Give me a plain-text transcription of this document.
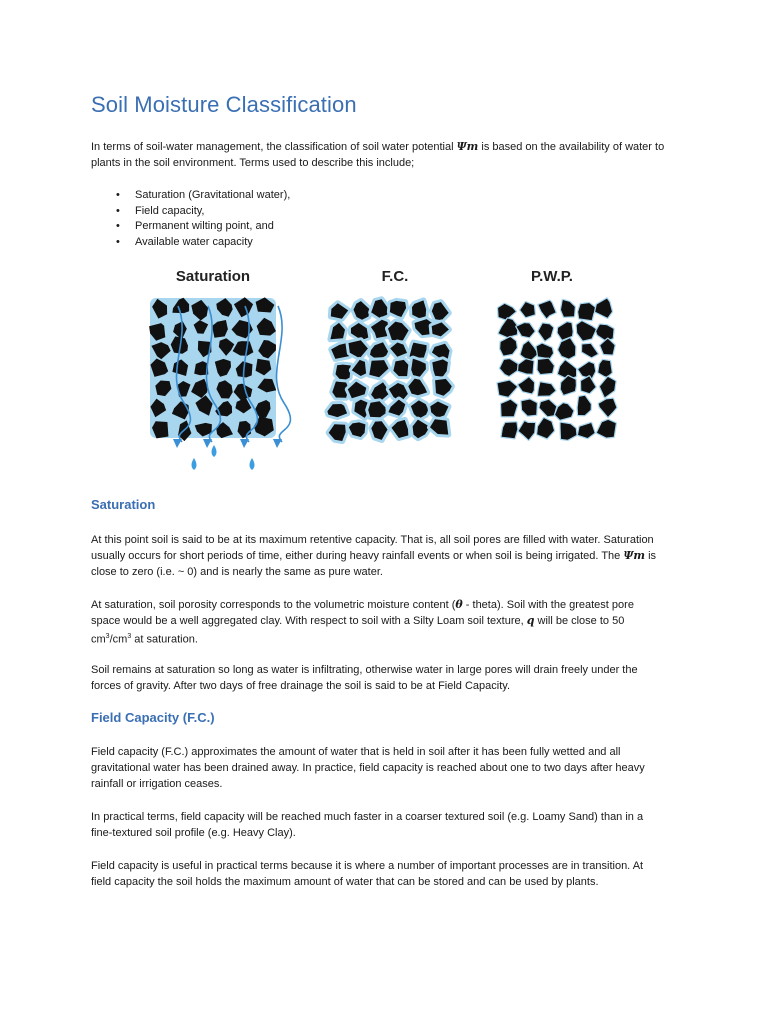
Soil Moisture Classification

In terms of soil-water management, the classification of soil water potential Ψm is based on the availability of water to
plants in the soil environment. Terms used to describe this include;

• Saturation (Gravitational water),
• Field capacity,
• Permanent wilting point, and
• Available water capacity
Saturation	F.C.	P.W.P.
Saturation

At this point soil is said to be at its maximum retentive capacity. That is, all soil pores are filled with water. Saturation
usually occurs for short periods of time, either during heavy rainfall events or when soil is being irrigated. The Ψm is
close to zero (i.e. ~ 0) and is nearly the same as pure water.

At saturation, soil porosity corresponds to the volumetric moisture content (θ - theta). Soil with the greatest pore
space would be a well aggregated clay. With respect to soil with a Silty Loam soil texture, q will be close to 50
$cm^3/cm^3$ at saturation.

Soil remains at saturation so long as water is infiltrating, otherwise water in large pores will drain freely under the
forces of gravity. After two days of free drainage the soil is said to be at Field Capacity.

Field Capacity (F.C.)

Field capacity (F.C.) approximates the amount of water that is held in soil after it has been fully wetted and all
gravitational water has been drained away. In practice, field capacity is reached about one to two days after heavy
rainfall or irrigation ceases.

In practical terms, field capacity will be reached much faster in a coarser textured soil (e.g. Loamy Sand) than in a
fine-textured soil profile (e.g. Heavy Clay).

Field capacity is useful in practical terms because it is where a number of important processes are in transition. At
field capacity the soil holds the maximum amount of water that can be stored and can be used by plants.
